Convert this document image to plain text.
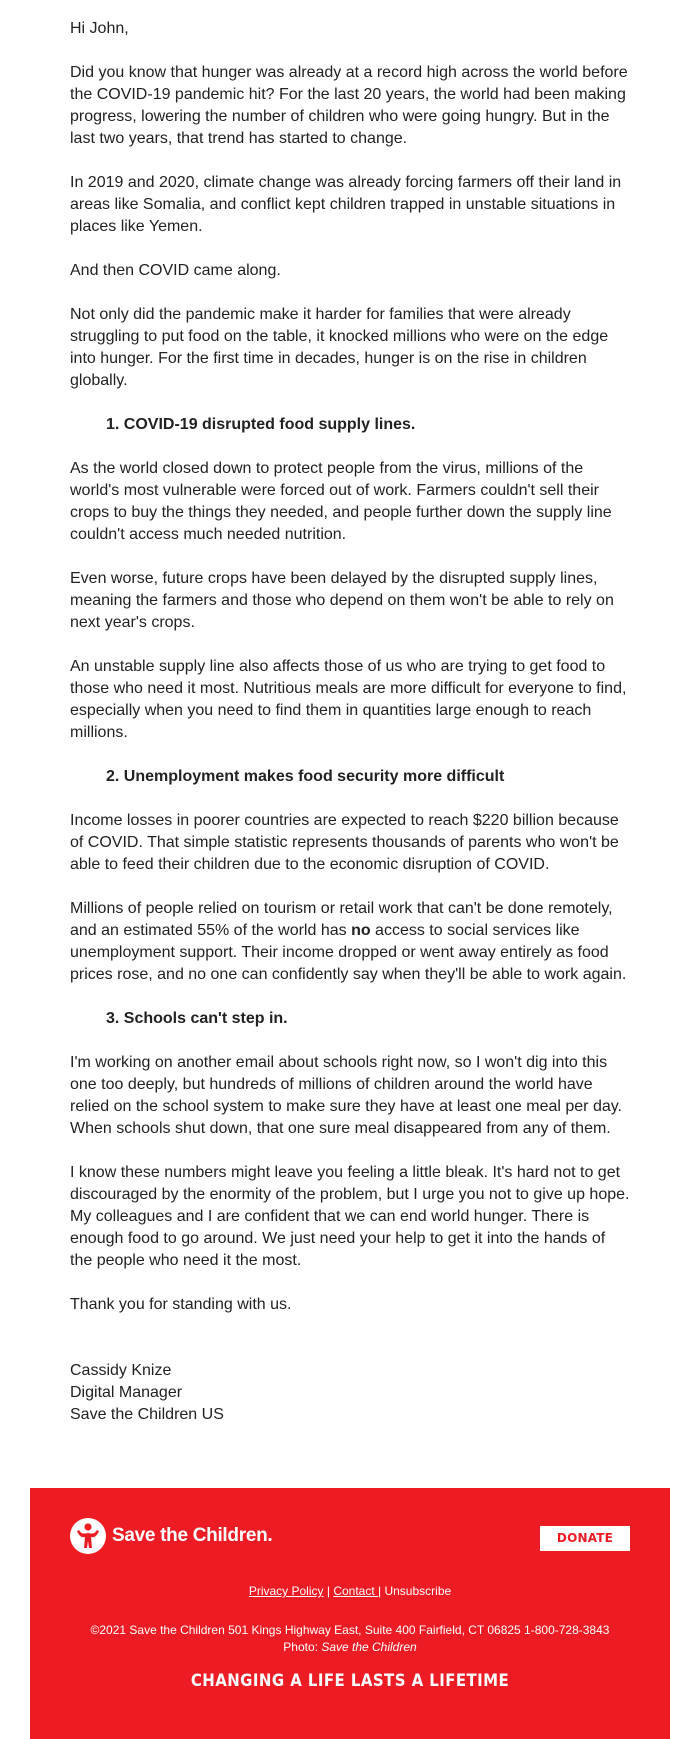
Hi John,

Did you know that hunger was already at a record high across the world before the COVID-19 pandemic hit? For the last 20 years, the world had been making progress, lowering the number of children who were going hungry. But in the last two years, that trend has started to change.

In 2019 and 2020, climate change was already forcing farmers off their land in areas like Somalia, and conflict kept children trapped in unstable situations in places like Yemen.

And then COVID came along.

Not only did the pandemic make it harder for families that were already struggling to put food on the table, it knocked millions who were on the edge into hunger. For the first time in decades, hunger is on the rise in children globally.

1. COVID-19 disrupted food supply lines.

As the world closed down to protect people from the virus, millions of the world's most vulnerable were forced out of work. Farmers couldn't sell their crops to buy the things they needed, and people further down the supply line couldn't access much needed nutrition.

Even worse, future crops have been delayed by the disrupted supply lines, meaning the farmers and those who depend on them won't be able to rely on next year's crops.

An unstable supply line also affects those of us who are trying to get food to those who need it most. Nutritious meals are more difficult for everyone to find, especially when you need to find them in quantities large enough to reach millions.

2. Unemployment makes food security more difficult

Income losses in poorer countries are expected to reach $220 billion because of COVID. That simple statistic represents thousands of parents who won't be able to feed their children due to the economic disruption of COVID.

Millions of people relied on tourism or retail work that can't be done remotely, and an estimated 55% of the world has no access to social services like unemployment support. Their income dropped or went away entirely as food prices rose, and no one can confidently say when they'll be able to work again.

3. Schools can't step in.

I'm working on another email about schools right now, so I won't dig into this one too deeply, but hundreds of millions of children around the world have relied on the school system to make sure they have at least one meal per day. When schools shut down, that one sure meal disappeared from any of them.

I know these numbers might leave you feeling a little bleak. It's hard not to get discouraged by the enormity of the problem, but I urge you not to give up hope. My colleagues and I are confident that we can end world hunger. There is enough food to go around. We just need your help to get it into the hands of the people who need it the most.

Thank you for standing with us.

Cassidy Knize

Digital Manager

Save the Children US

Save the Children.	DONATE NOW
Privacy Policy | Contact | Unsubscribe
©2021 Save the Children 501 Kings Highway East, Suite 400 Fairfield, CT 06825 1-800-728-3843
Photo: Save the Children
CHANGING A LIFE LASTS A LIFETIME
